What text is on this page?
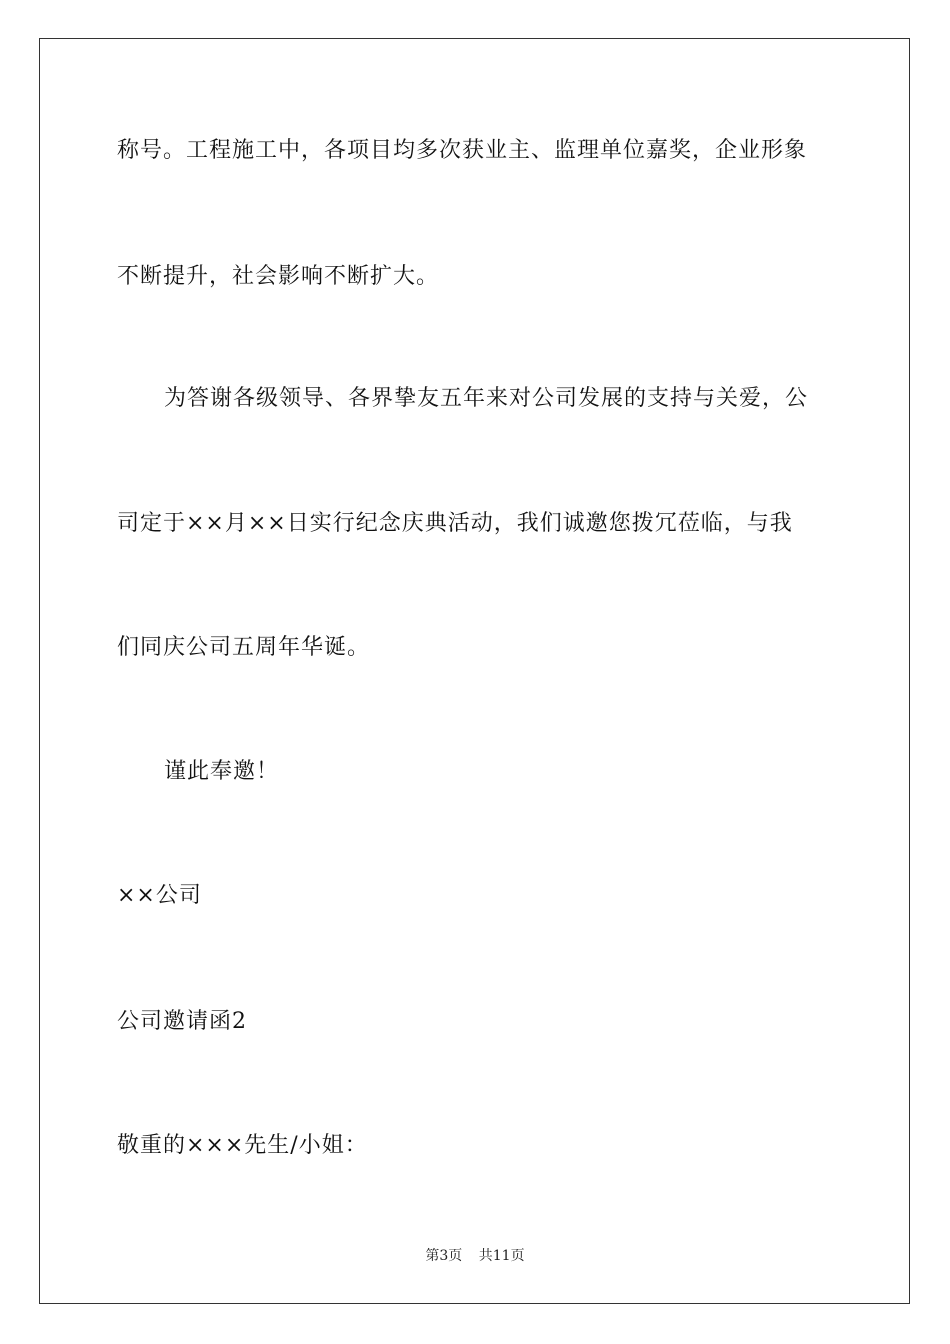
称号。工程施工中，各项目均多次获业主、监理单位嘉奖，企业形象
不断提升，社会影响不断扩大。
为答谢各级领导、各界挚友五年来对公司发展的支持与关爱，公
司定于××月××日实行纪念庆典活动，我们诚邀您拨冗莅临，与我
们同庆公司五周年华诞。
谨此奉邀！
××公司
公司邀请函2
敬重的×××先生/小姐：
第3页 共11页
